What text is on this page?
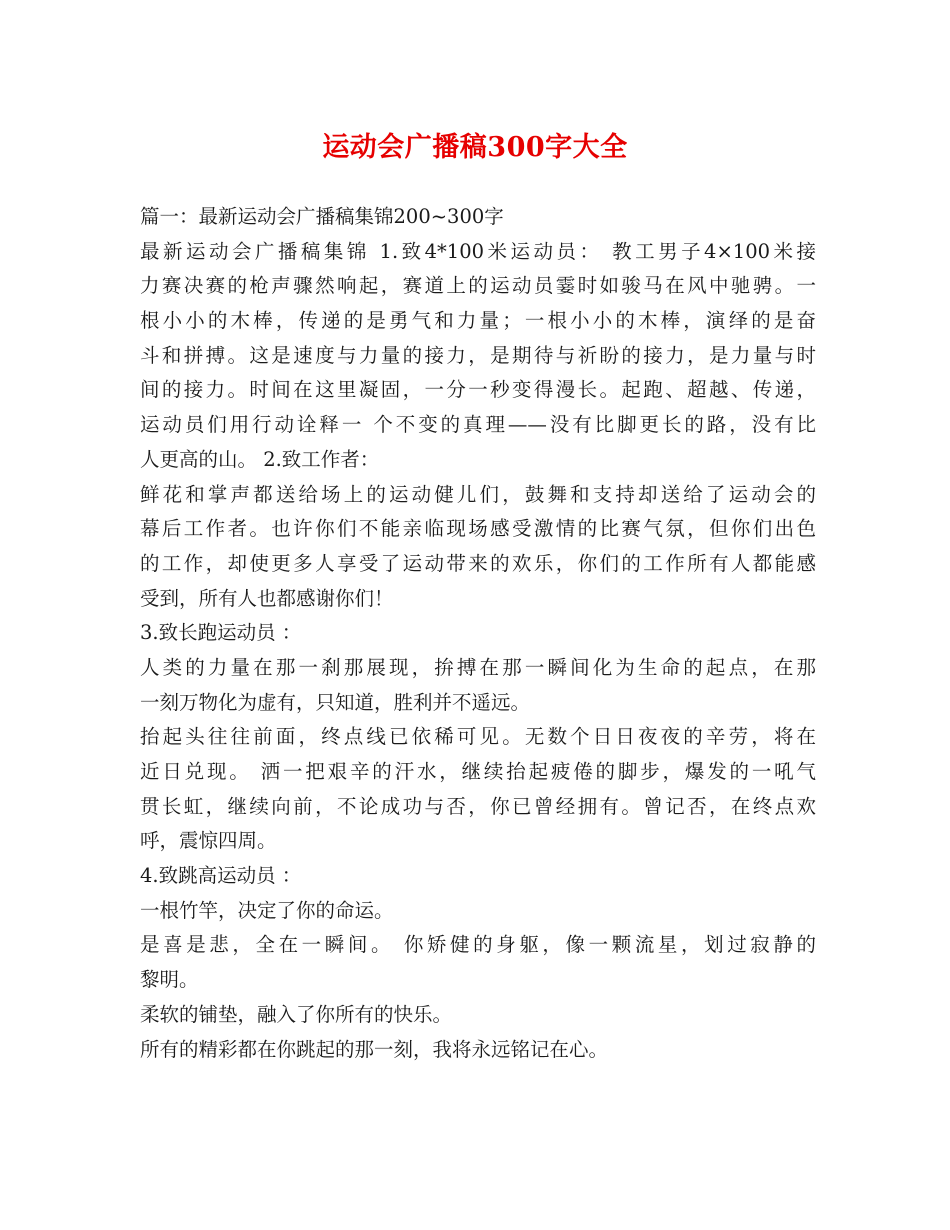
运动会广播稿300字大全
篇一：最新运动会广播稿集锦200~300字
最新运动会广播稿集锦 1.致4*100米运动员： 教工男子4×100米接
力赛决赛的枪声骤然响起，赛道上的运动员霎时如骏马在风中驰骋。一
根小小的木棒，传递的是勇气和力量；一根小小的木棒，演绎的是奋
斗和拼搏。这是速度与力量的接力，是期待与祈盼的接力，是力量与时
间的接力。时间在这里凝固，一分一秒变得漫长。起跑、超越、传递，
运动员们用行动诠释一 个不变的真理——没有比脚更长的路，没有比
人更高的山。 2.致工作者：
鲜花和掌声都送给场上的运动健儿们，鼓舞和支持却送给了运动会的
幕后工作者。也许你们不能亲临现场感受激情的比赛气氛，但你们出色
的工作，却使更多人享受了运动带来的欢乐，你们的工作所有人都能感
受到，所有人也都感谢你们！
3.致长跑运动员 ：
人类的力量在那一刹那展现，拚搏在那一瞬间化为生命的起点，在那
一刻万物化为虚有，只知道，胜利并不遥远。
抬起头往往前面，终点线已依稀可见。无数个日日夜夜的辛劳，将在
近日兑现。 洒一把艰辛的汗水，继续抬起疲倦的脚步，爆发的一吼气
贯长虹，继续向前，不论成功与否，你已曾经拥有。曾记否，在终点欢
呼，震惊四周。
4.致跳高运动员 ：
一根竹竿，决定了你的命运。
是喜是悲，全在一瞬间。 你矫健的身躯，像一颗流星，划过寂静的
黎明。
柔软的铺垫，融入了你所有的快乐。
所有的精彩都在你跳起的那一刻，我将永远铭记在心。
